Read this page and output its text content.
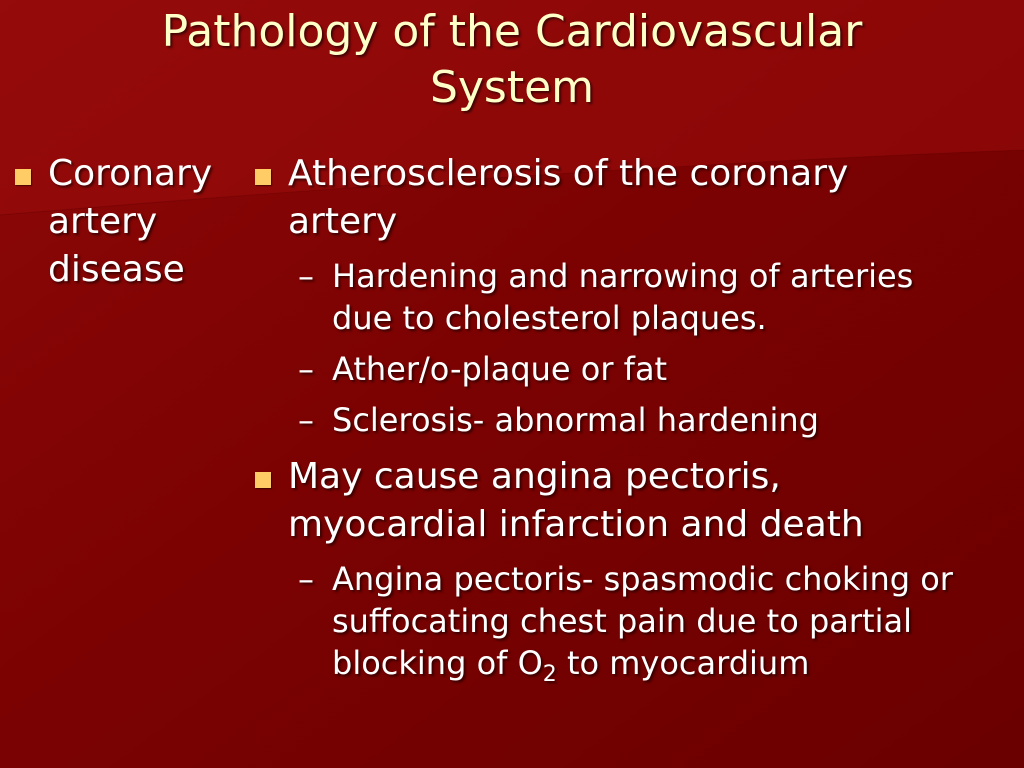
Pathology of the Cardiovascular
System
Coronary
artery
disease
Atherosclerosis of the coronary
artery
– Hardening and narrowing of arteries
due to cholesterol plaques.
– Ather/o-plaque or fat
– Sclerosis- abnormal hardening
May cause angina pectoris,
myocardial infarction and death
– Angina pectoris- spasmodic choking or
suffocating chest pain due to partial
blocking of $O_2$ to myocardium
